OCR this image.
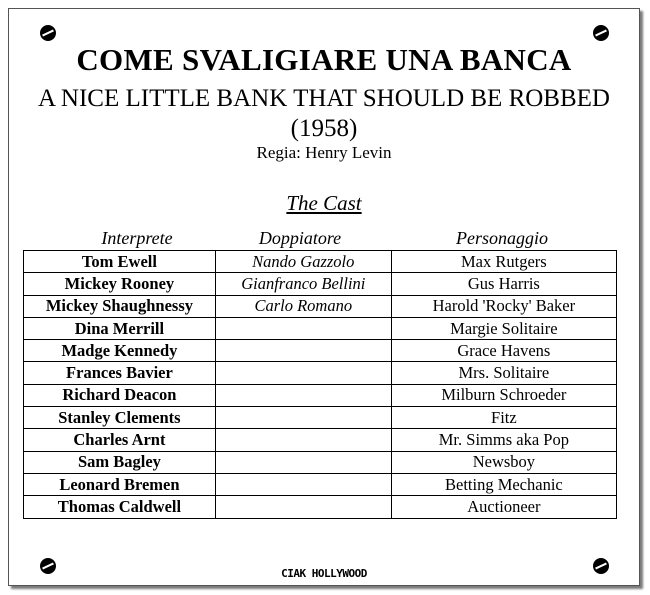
COME SVALIGIARE UNA BANCA
A NICE LITTLE BANK THAT SHOULD BE ROBBED
(1958)
Regia: Henry Levin
The Cast
Interprete	Doppiatore	Personaggio
Tom Ewell	Nando Gazzolo	Max Rutgers
Mickey Rooney	Gianfranco Bellini	Gus Harris
Mickey Shaughnessy	Carlo Romano	Harold 'Rocky' Baker
Dina Merrill		Margie Solitaire
Madge Kennedy		Grace Havens
Frances Bavier		Mrs. Solitaire
Richard Deacon		Milburn Schroeder
Stanley Clements		Fitz
Charles Arnt		Mr. Simms aka Pop
Sam Bagley		Newsboy
Leonard Bremen		Betting Mechanic
Thomas Caldwell		Auctioneer
CIAK HOLLYWOOD
